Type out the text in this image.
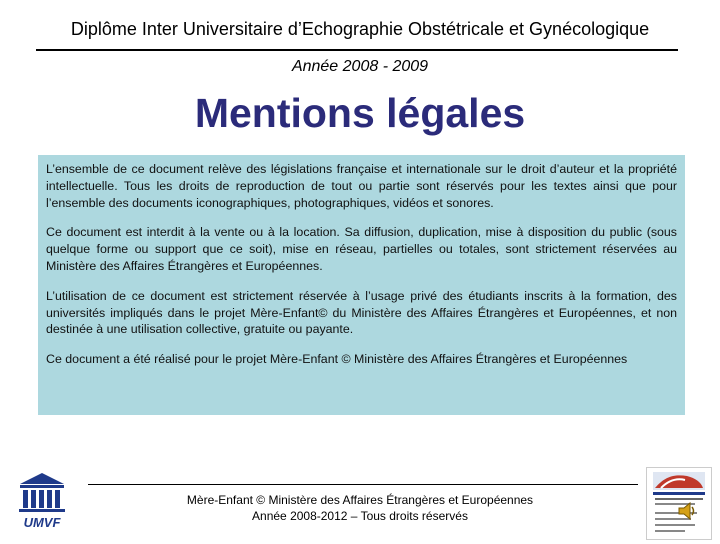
Diplôme Inter Universitaire d’Echographie Obstétricale et Gynécologique
Année 2008 - 2009
Mentions légales

L’ensemble de ce document relève des législations française et internationale sur le droit d’auteur et la propriété intellectuelle. Tous les droits de reproduction de tout ou partie sont réservés pour les textes ainsi que pour l’ensemble des documents iconographiques, photographiques, vidéos et sonores.

Ce document est interdit à la vente ou à la location. Sa diffusion, duplication, mise à disposition du public (sous quelque forme ou support que ce soit), mise en réseau, partielles ou totales, sont strictement réservées au Ministère des Affaires Étrangères et Européennes.

L’utilisation de ce document est strictement réservée à l’usage privé des étudiants inscrits à la formation, des universités impliqués dans le projet Mère-Enfant© du Ministère des Affaires Étrangères et Européennes, et non destinée à une utilisation collective, gratuite ou payante.

Ce document a été réalisé pour le projet Mère-Enfant © Ministère des Affaires Étrangères et Européennes

UMVF
Mère-Enfant © Ministère des Affaires Étrangères et Européennes
Année 2008-2012 – Tous droits réservés
